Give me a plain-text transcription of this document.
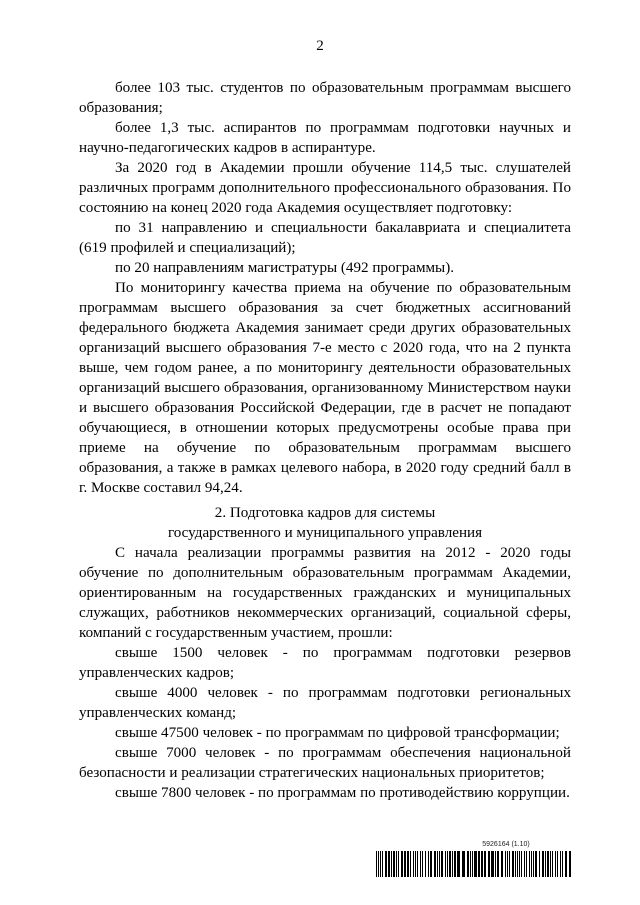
2

более 103 тыс. студентов по образовательным программам высшего образования;

более 1,3 тыс. аспирантов по программам подготовки научных и научно-педагогических кадров в аспирантуре.

За 2020 год в Академии прошли обучение 114,5 тыс. слушателей различных программ дополнительного профессионального образования. По состоянию на конец 2020 года Академия осуществляет подготовку:

по 31 направлению и специальности бакалавриата и специалитета (619 профилей и специализаций);

по 20 направлениям магистратуры (492 программы).

По мониторингу качества приема на обучение по образовательным программам высшего образования за счет бюджетных ассигнований федерального бюджета Академия занимает среди других образовательных организаций высшего образования 7-е место с 2020 года, что на 2 пункта выше, чем годом ранее, а по мониторингу деятельности образовательных организаций высшего образования, организованному Министерством науки и высшего образования Российской Федерации, где в расчет не попадают обучающиеся, в отношении которых предусмотрены особые права при приеме на обучение по образовательным программам высшего образования, а также в рамках целевого набора, в 2020 году средний балл в г. Москве составил 94,24.

2. Подготовка кадров для системы
государственного и муниципального управления

С начала реализации программы развития на 2012 - 2020 годы обучение по дополнительным образовательным программам Академии, ориентированным на государственных гражданских и муниципальных служащих, работников некоммерческих организаций, социальной сферы, компаний с государственным участием, прошли:

свыше 1500 человек - по программам подготовки резервов управленческих кадров;

свыше 4000 человек - по программам подготовки региональных управленческих команд;

свыше 47500 человек - по программам по цифровой трансформации;

свыше 7000 человек - по программам обеспечения национальной безопасности и реализации стратегических национальных приоритетов;

свыше 7800 человек - по программам по противодействию коррупции.

5926164 (1.10)
